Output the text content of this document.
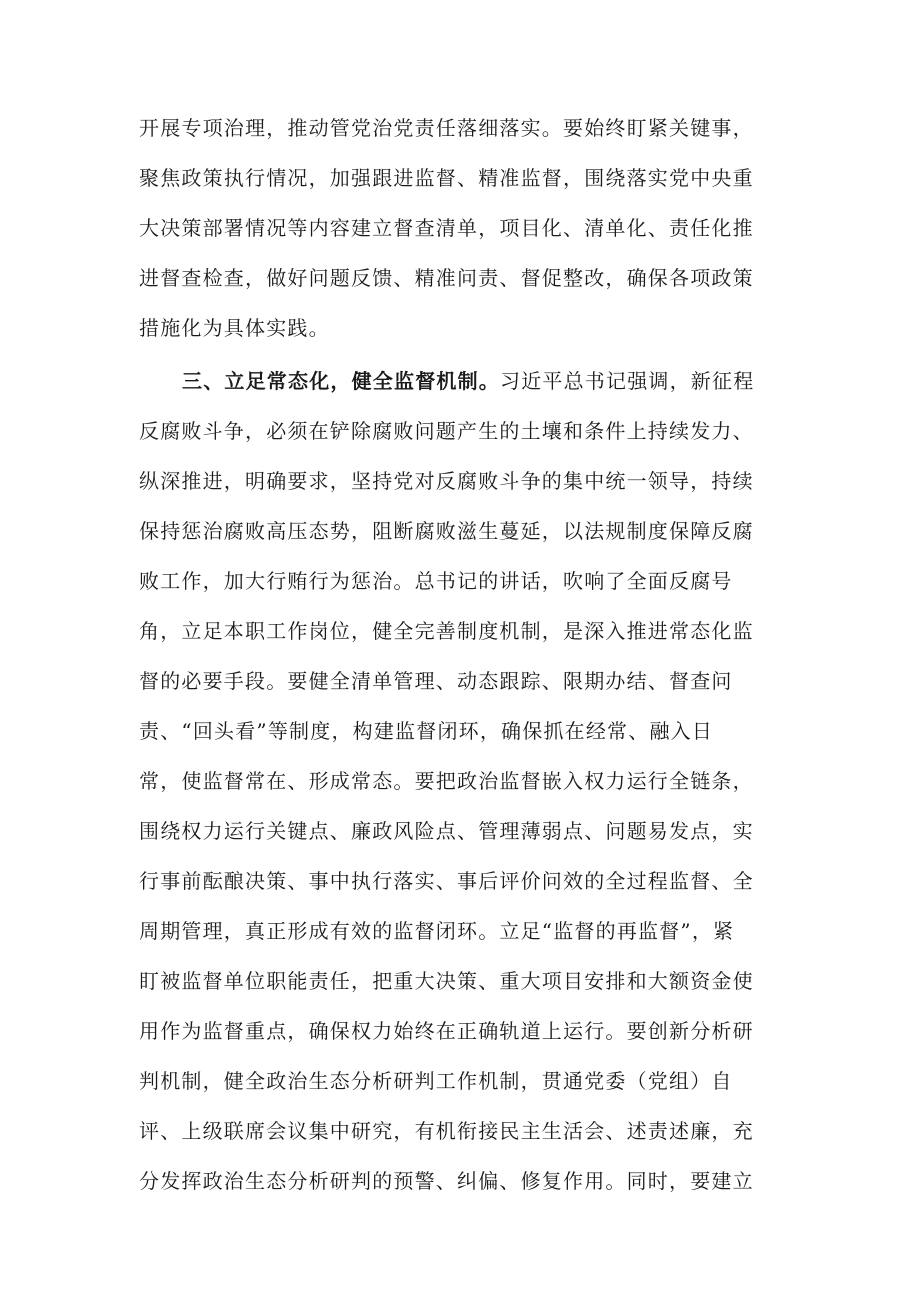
开展专项治理，推动管党治党责任落细落实。要始终盯紧关键事，
聚焦政策执行情况，加强跟进监督、精准监督，围绕落实党中央重
大决策部署情况等内容建立督查清单，项目化、清单化、责任化推
进督查检查，做好问题反馈、精准问责、督促整改，确保各项政策
措施化为具体实践。
三、立足常态化，健全监督机制。习近平总书记强调，新征程
反腐败斗争，必须在铲除腐败问题产生的土壤和条件上持续发力、
纵深推进，明确要求，坚持党对反腐败斗争的集中统一领导，持续
保持惩治腐败高压态势，阻断腐败滋生蔓延，以法规制度保障反腐
败工作，加大行贿行为惩治。总书记的讲话，吹响了全面反腐号
角，立足本职工作岗位，健全完善制度机制，是深入推进常态化监
督的必要手段。要健全清单管理、动态跟踪、限期办结、督查问
责、“回头看”等制度，构建监督闭环，确保抓在经常、融入日
常，使监督常在、形成常态。要把政治监督嵌入权力运行全链条，
围绕权力运行关键点、廉政风险点、管理薄弱点、问题易发点，实
行事前酝酿决策、事中执行落实、事后评价问效的全过程监督、全
周期管理，真正形成有效的监督闭环。立足“监督的再监督”，紧
盯被监督单位职能责任，把重大决策、重大项目安排和大额资金使
用作为监督重点，确保权力始终在正确轨道上运行。要创新分析研
判机制，健全政治生态分析研判工作机制，贯通党委（党组）自
评、上级联席会议集中研究，有机衔接民主生活会、述责述廉，充
分发挥政治生态分析研判的预警、纠偏、修复作用。同时，要建立
